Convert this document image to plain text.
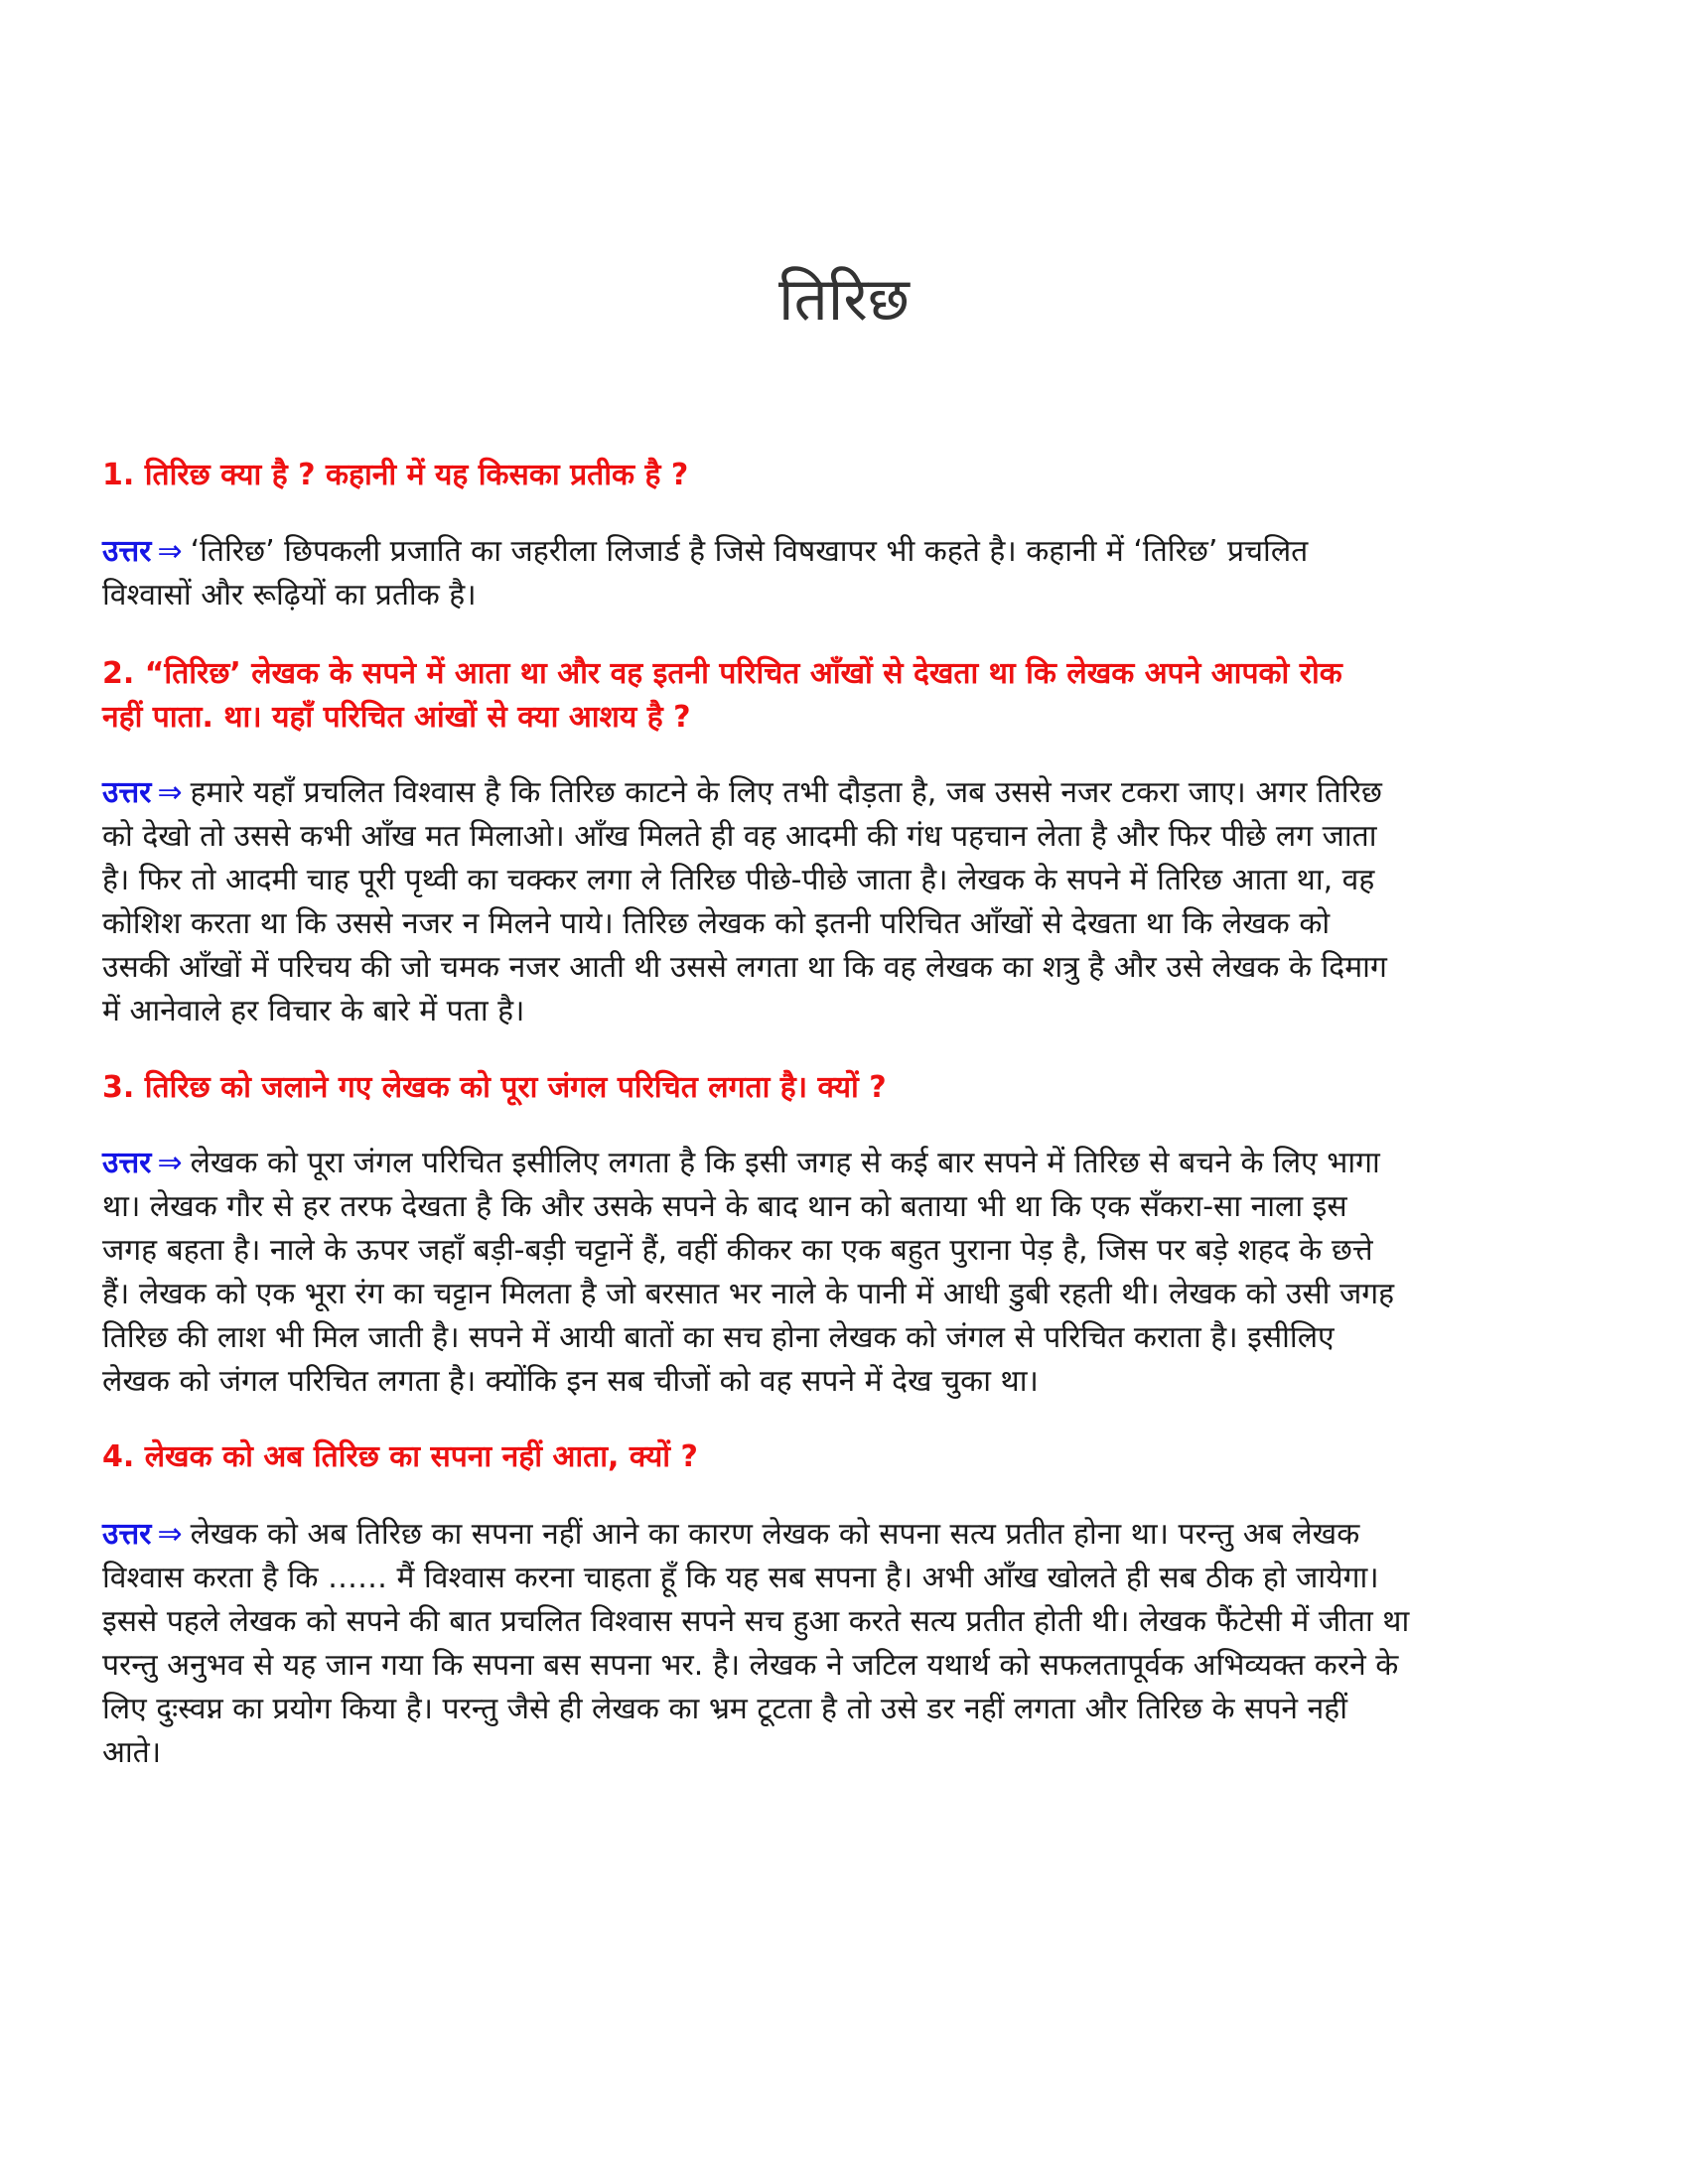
तिरिछ
1. तिरिछ क्या है ? कहानी में यह किसका प्रतीक है ?
उत्तर ⇒ ‘तिरिछ’ छिपकली प्रजाति का जहरीला लिजार्ड है जिसे विषखापर भी कहते है। कहानी में ‘तिरिछ’ प्रचलित
विश्वासों और रूढ़ियों का प्रतीक है।
2. “तिरिछ’ लेखक के सपने में आता था और वह इतनी परिचित आँखों से देखता था कि लेखक अपने आपको रोक
नहीं पाता. था। यहाँ परिचित आंखों से क्या आशय है ?
उत्तर ⇒ हमारे यहाँ प्रचलित विश्वास है कि तिरिछ काटने के लिए तभी दौड़ता है, जब उससे नजर टकरा जाए। अगर तिरिछ
को देखो तो उससे कभी आँख मत मिलाओ। आँख मिलते ही वह आदमी की गंध पहचान लेता है और फिर पीछे लग जाता
है। फिर तो आदमी चाह पूरी पृथ्वी का चक्कर लगा ले तिरिछ पीछे-पीछे जाता है। लेखक के सपने में तिरिछ आता था, वह
कोशिश करता था कि उससे नजर न मिलने पाये। तिरिछ लेखक को इतनी परिचित आँखों से देखता था कि लेखक को
उसकी आँखों में परिचय की जो चमक नजर आती थी उससे लगता था कि वह लेखक का शत्रु है और उसे लेखक के दिमाग
में आनेवाले हर विचार के बारे में पता है।
3. तिरिछ को जलाने गए लेखक को पूरा जंगल परिचित लगता है। क्यों ?
उत्तर ⇒ लेखक को पूरा जंगल परिचित इसीलिए लगता है कि इसी जगह से कई बार सपने में तिरिछ से बचने के लिए भागा
था। लेखक गौर से हर तरफ देखता है कि और उसके सपने के बाद थान को बताया भी था कि एक सँकरा-सा नाला इस
जगह बहता है। नाले के ऊपर जहाँ बड़ी-बड़ी चट्टानें हैं, वहीं कीकर का एक बहुत पुराना पेड़ है, जिस पर बड़े शहद के छत्ते
हैं। लेखक को एक भूरा रंग का चट्टान मिलता है जो बरसात भर नाले के पानी में आधी डुबी रहती थी। लेखक को उसी जगह
तिरिछ की लाश भी मिल जाती है। सपने में आयी बातों का सच होना लेखक को जंगल से परिचित कराता है। इसीलिए
लेखक को जंगल परिचित लगता है। क्योंकि इन सब चीजों को वह सपने में देख चुका था।
4. लेखक को अब तिरिछ का सपना नहीं आता, क्यों ?
उत्तर ⇒ लेखक को अब तिरिछ का सपना नहीं आने का कारण लेखक को सपना सत्य प्रतीत होना था। परन्तु अब लेखक
विश्वास करता है कि …… मैं विश्वास करना चाहता हूँ कि यह सब सपना है। अभी आँख खोलते ही सब ठीक हो जायेगा।
इससे पहले लेखक को सपने की बात प्रचलित विश्वास सपने सच हुआ करते सत्य प्रतीत होती थी। लेखक फैंटेसी में जीता था
परन्तु अनुभव से यह जान गया कि सपना बस सपना भर. है। लेखक ने जटिल यथार्थ को सफलतापूर्वक अभिव्यक्त करने के
लिए दुःस्वप्न का प्रयोग किया है। परन्तु जैसे ही लेखक का भ्रम टूटता है तो उसे डर नहीं लगता और तिरिछ के सपने नहीं
आते।
